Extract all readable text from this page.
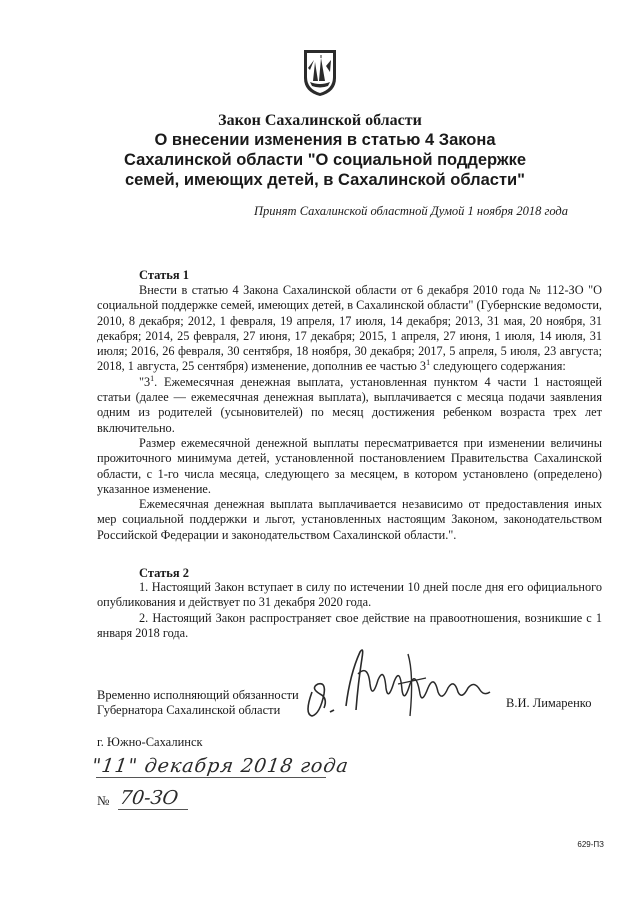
Закон Сахалинской области
О внесении изменения в статью 4 Закона
Сахалинской области "О социальной поддержке
семей, имеющих детей, в Сахалинской области"
Принят Сахалинской областной Думой 1 ноября 2018 года
Статья 1

Внести в статью 4 Закона Сахалинской области от 6 декабря 2010 года № 112-ЗО "О социальной поддержке семей, имеющих детей, в Сахалинской области" (Губернские ведомости, 2010, 8 декабря; 2012, 1 февраля, 19 апреля, 17 июля, 14 декабря; 2013, 31 мая, 20 ноября, 31 декабря; 2014, 25 февраля, 27 июня, 17 декабря; 2015, 1 апреля, 27 июня, 1 июля, 14 июля, 31 июля; 2016, 26 февраля, 30 сентября, 18 ноября, 30 декабря; 2017, 5 апреля, 5 июля, 23 августа; 2018, 1 августа, 25 сентября) изменение, дополнив ее частью $3^1$ следующего содержания:

"$3^1$. Ежемесячная денежная выплата, установленная пунктом 4 части 1 настоящей статьи (далее — ежемесячная денежная выплата), выплачивается с месяца подачи заявления одним из родителей (усыновителей) по месяц достижения ребенком возраста трех лет включительно.

Размер ежемесячной денежной выплаты пересматривается при изменении величины прожиточного минимума детей, установленной постановлением Правительства Сахалинской области, с 1-го числа месяца, следующего за месяцем, в котором установлено (определено) указанное изменение.

Ежемесячная денежная выплата выплачивается независимо от предоставления иных мер социальной поддержки и льгот, установленных настоящим Законом, законодательством Российской Федерации и законодательством Сахалинской области.".

Статья 2

1. Настоящий Закон вступает в силу по истечении 10 дней после дня его официального опубликования и действует по 31 декабря 2020 года.

2. Настоящий Закон распространяет свое действие на правоотношения, возникшие с 1 января 2018 года.

Временно исполняющий обязанности
Губернатора Сахалинской области	В.И. Лимаренко
г. Южно-Сахалинск
"11" декабря 2018 года
№ 70-ЗО
629-ПЗ
